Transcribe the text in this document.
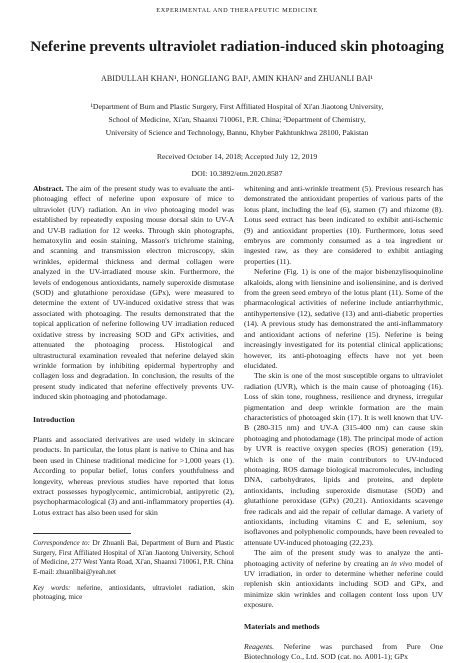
EXPERIMENTAL AND THERAPEUTIC MEDICINE
Neferine prevents ultraviolet radiation-induced skin photoaging
ABIDULLAH KHAN¹, HONGLIANG BAI¹, AMIN KHAN² and ZHUANLI BAI¹

¹Department of Burn and Plastic Surgery, First Affiliated Hospital of Xi'an Jiaotong University,

School of Medicine, Xi'an, Shaanxi 710061, P.R. China; ²Department of Chemistry,

University of Science and Technology, Bannu, Khyber Pakhtunkhwa 28100, Pakistan

Received October 14, 2018; Accepted July 12, 2019
DOI: 10.3892/etm.2020.8587

Abstract. The aim of the present study was to evaluate the anti-photoaging effect of neferine upon exposure of mice to ultraviolet (UV) radiation. An in vivo photoaging model was established by repeatedly exposing mouse dorsal skin to UV-A and UV-B radiation for 12 weeks. Through skin photographs, hematoxylin and eosin staining, Masson's trichrome staining, and scanning and transmission electron microscopy, skin wrinkles, epidermal thickness and dermal collagen were analyzed in the UV-irradiated mouse skin. Furthermore, the levels of endogenous antioxidants, namely superoxide dismutase (SOD) and glutathione peroxidase (GPx), were measured to determine the extent of UV-induced oxidative stress that was associated with photoaging. The results demonstrated that the topical application of neferine following UV irradiation reduced oxidative stress by increasing SOD and GPx activities, and attenuated the photoaging process. Histological and ultrastructural examination revealed that neferine delayed skin wrinkle formation by inhibiting epidermal hypertrophy and collagen loss and degradation. In conclusion, the results of the present study indicated that neferine effectively prevents UV-induced skin photoaging and photodamage.

Introduction

Plants and associated derivatives are used widely in skincare products. In particular, the lotus plant is native to China and has been used in Chinese traditional medicine for >1,000 years (1). According to popular belief, lotus confers youthfulness and longevity, whereas previous studies have reported that lotus extract possesses hypoglycemic, antimicrobial, antipyretic (2), psychopharmacological (3) and anti-inflammatory properties (4). Lotus extract has also been used for skin

Correspondence to: Dr Zhuanli Bai, Department of Burn and Plastic Surgery, First Affiliated Hospital of Xi'an Jiaotong University, School of Medicine, 277 West Yanta Road, Xi'an, Shaanxi 710061, P.R. China

E-mail: zhuanlibai@yeah.net

Key words: neferine, antioxidants, ultraviolet radiation, skin photoaging, mice

whitening and anti-wrinkle treatment (5). Previous research has demonstrated the antioxidant properties of various parts of the lotus plant, including the leaf (6), stamen (7) and rhizome (8). Lotus seed extract has been indicated to exhibit anti-ischemic (9) and antioxidant properties (10). Furthermore, lotus seed embryos are commonly consumed as a tea ingredient or ingested raw, as they are considered to exhibit antiaging properties (11).

Neferine (Fig. 1) is one of the major bisbenzylisoquinoline alkaloids, along with liensinine and isoliensinine, and is derived from the green seed embryo of the lotus plant (11). Some of the pharmacological activities of neferine include antiarrhythmic, antihypertensive (12), sedative (13) and anti-diabetic properties (14). A previous study has demonstrated the anti-inflammatory and antioxidant actions of neferine (15). Neferine is being increasingly investigated for its potential clinical applications; however, its anti-photoaging effects have not yet been elucidated.

The skin is one of the most susceptible organs to ultraviolet radiation (UVR), which is the main cause of photoaging (16). Loss of skin tone, roughness, resilience and dryness, irregular pigmentation and deep wrinkle formation are the main characteristics of photoaged skin (17). It is well known that UV-B (280-315 nm) and UV-A (315-400 nm) can cause skin photoaging and photodamage (18). The principal mode of action by UVR is reactive oxygen species (ROS) generation (19), which is one of the main contributors to UV-induced photoaging. ROS damage biological macromolecules, including DNA, carbohydrates, lipids and proteins, and deplete antioxidants, including superoxide dismutase (SOD) and glutathione peroxidase (GPx) (20,21). Antioxidants scavenge free radicals and aid the repair of cellular damage. A variety of antioxidants, including vitamins C and E, selenium, soy isoflavones and polyphenolic compounds, have been revealed to attenuate UV-induced photoaging (22,23).

The aim of the present study was to analyze the anti-photoaging activity of neferine by creating an in vivo model of UV irradiation, in order to determine whether neferine could replenish skin antioxidants including SOD and GPx, and minimize skin wrinkles and collagen content loss upon UV exposure.

Materials and methods

Reagents. Neferine was purchased from Pure One Biotechnology Co., Ltd. SOD (cat. no. A001-1); GPx
